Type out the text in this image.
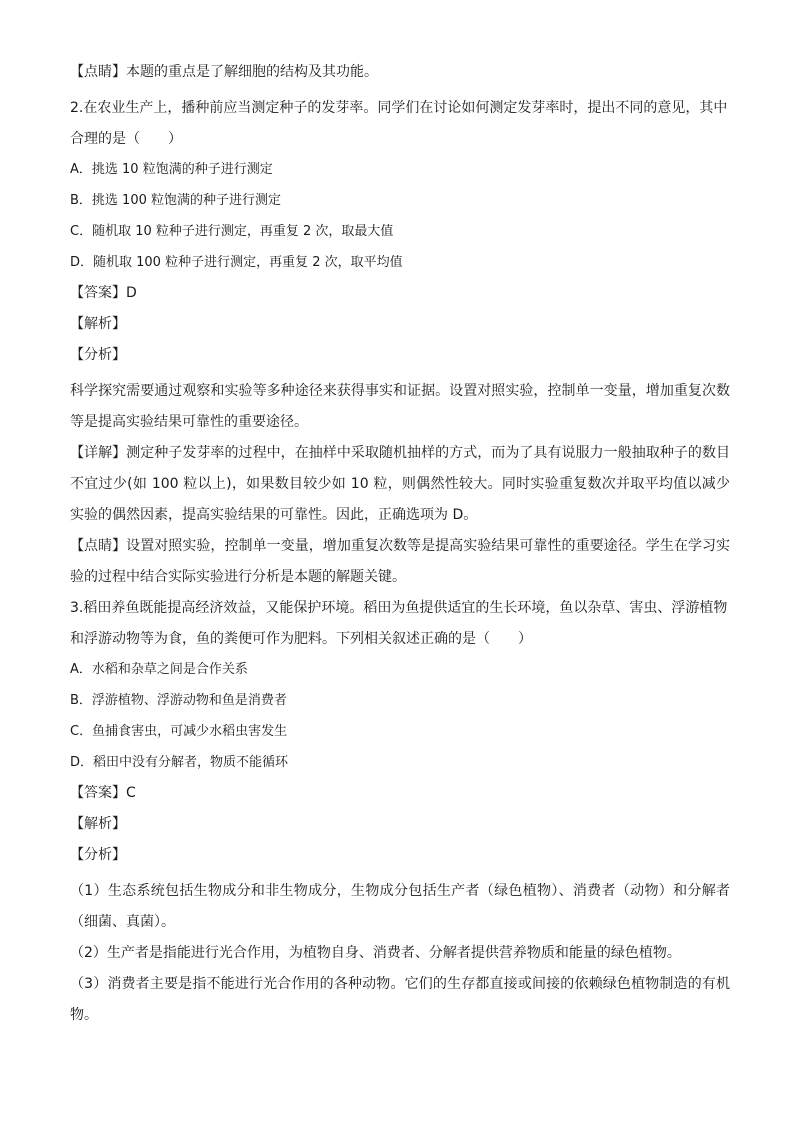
【点睛】本题的重点是了解细胞的结构及其功能。

2.在农业生产上，播种前应当测定种子的发芽率。同学们在讨论如何测定发芽率时，提出不同的意见，其中合理的是（　　）

A．挑选 10 粒饱满的种子进行测定

B．挑选 100 粒饱满的种子进行测定

C．随机取 10 粒种子进行测定，再重复 2 次，取最大值

D．随机取 100 粒种子进行测定，再重复 2 次，取平均值

【答案】D

【解析】

【分析】

科学探究需要通过观察和实验等多种途径来获得事实和证据。设置对照实验，控制单一变量，增加重复次数等是提高实验结果可靠性的重要途径。

【详解】测定种子发芽率的过程中，在抽样中采取随机抽样的方式，而为了具有说服力一般抽取种子的数目不宜过少(如 100 粒以上)，如果数目较少如 10 粒，则偶然性较大。同时实验重复数次并取平均值以减少实验的偶然因素，提高实验结果的可靠性。因此，正确选项为 D。

【点睛】设置对照实验，控制单一变量，增加重复次数等是提高实验结果可靠性的重要途径。学生在学习实验的过程中结合实际实验进行分析是本题的解题关键。

3.稻田养鱼既能提高经济效益，又能保护环境。稻田为鱼提供适宜的生长环境，鱼以杂草、害虫、浮游植物和浮游动物等为食，鱼的粪便可作为肥料。下列相关叙述正确的是（　　）

A．水稻和杂草之间是合作关系

B．浮游植物、浮游动物和鱼是消费者

C．鱼捕食害虫，可减少水稻虫害发生

D．稻田中没有分解者，物质不能循环

【答案】C

【解析】

【分析】

（1）生态系统包括生物成分和非生物成分，生物成分包括生产者（绿色植物）、消费者（动物）和分解者（细菌、真菌）。

（2）生产者是指能进行光合作用，为植物自身、消费者、分解者提供营养物质和能量的绿色植物。

（3）消费者主要是指不能进行光合作用的各种动物。它们的生存都直接或间接的依赖绿色植物制造的有机物。
